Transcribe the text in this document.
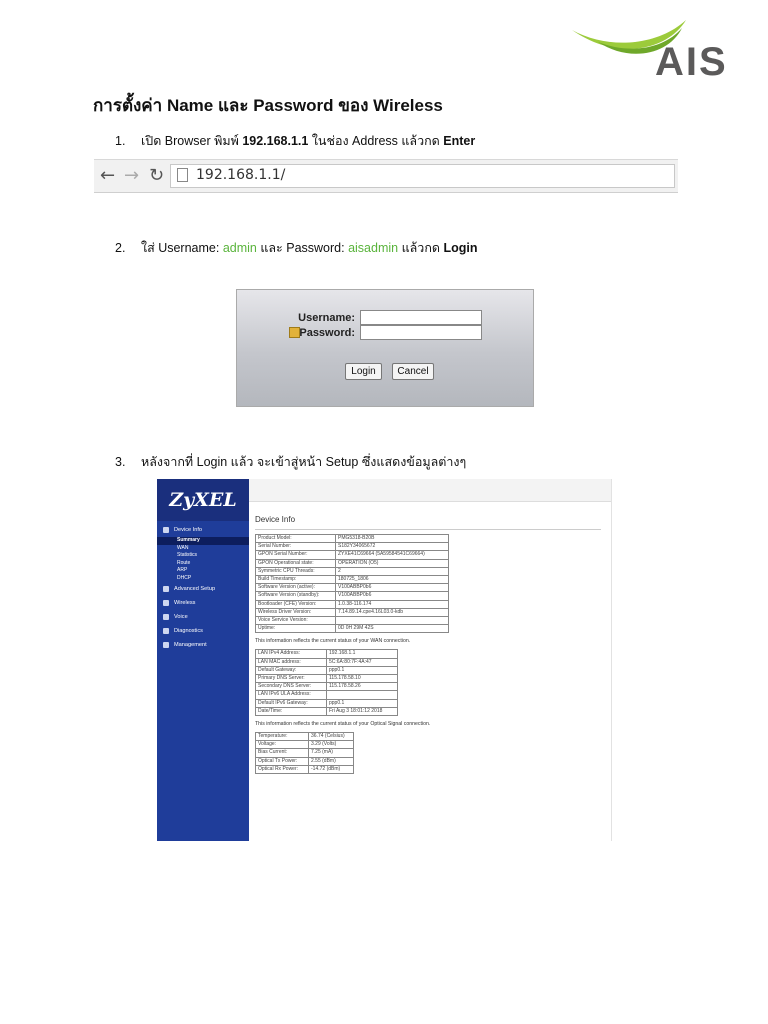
AIS
การตั้งค่า Name และ Password ของ Wireless
1. เปิด Browser พิมพ์ 192.168.1.1 ในช่อง Address แล้วกด Enter
← → ↻ 192.168.1.1/
2. ใส่ Username: admin และ Password: aisadmin แล้วกด Login
Username:
Password:
Login	Cancel
3. หลังจากที่ Login แล้ว จะเข้าสู่หน้า Setup ซึ่งแสดงข้อมูลต่างๆ
ZyXEL
Device Info
Summary
WAN
Statistics
Route
ARP
DHCP
Advanced Setup
Wireless
Voice
Diagnostics
Management
Device Info
Product Model:	PMG5318-B20B
Serial Number:	S182Y34065672
GPON Serial Number:	ZYXE41C69664 (5A59584541C69664)
GPON Operational state:	OPERATION (O5)
Symmetric CPU Threads:	2
Build Timestamp:	180725_1806
Software Version (active):	V100ABBP0b6
Software Version (standby):	V100ABBP0b6
Bootloader (CFE) Version:	1.0.38-116.174
Wireless Driver Version:	7.14.89.14.cpe4.16L03.0-kdb
Voice Service Version:	
Uptime:	0D 0H 29M 42S
This information reflects the current status of your WAN connection.
LAN IPv4 Address:	192.168.1.1
LAN MAC address:	5C:6A:80:7F:4A:47
Default Gateway:	ppp0.1
Primary DNS Server:	115.178.58.10
Secondary DNS Server:	115.178.58.26
LAN IPv6 ULA Address:	
Default IPv6 Gateway:	ppp0.1
Date/Time:	Fri Aug 3 18:01:12 2018
This information reflects the current status of your Optical Signal connection.
Temperature:	36.74 (Celsius)
Voltage:	3.29 (Volts)
Bias Current:	7.25 (mA)
Optical Tx Power:	2.55 (dBm)
Optical Rx Power:	-14.72 (dBm)
